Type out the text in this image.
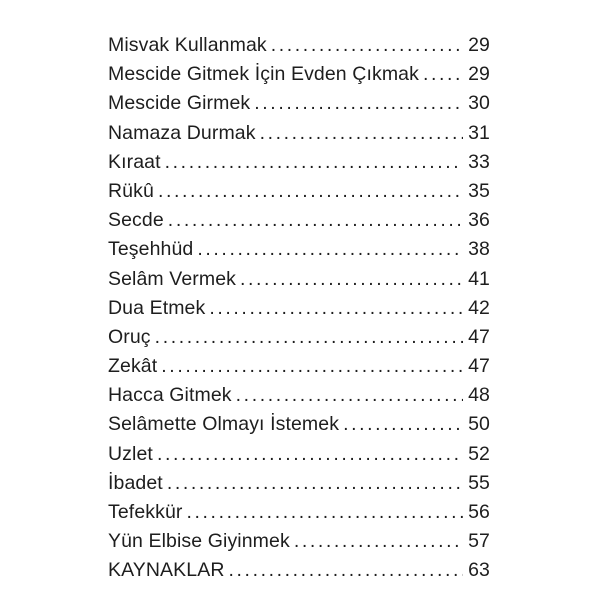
Misvak Kullanmak .....	29
Mescide Gitmek İçin Evden Çıkmak .....	29
Mescide Girmek .....	30
Namaza Durmak .....	31
Kıraat .....	33
Rükû .....	35
Secde .....	36
Teşehhüd .....	38
Selâm Vermek .....	41
Dua Etmek .....	42
Oruç .....	47
Zekât .....	47
Hacca Gitmek .....	48
Selâmette Olmayı İstemek .....	50
Uzlet .....	52
İbadet .....	55
Tefekkür .....	56
Yün Elbise Giyinmek .....	57
KAYNAKLAR .....	63
